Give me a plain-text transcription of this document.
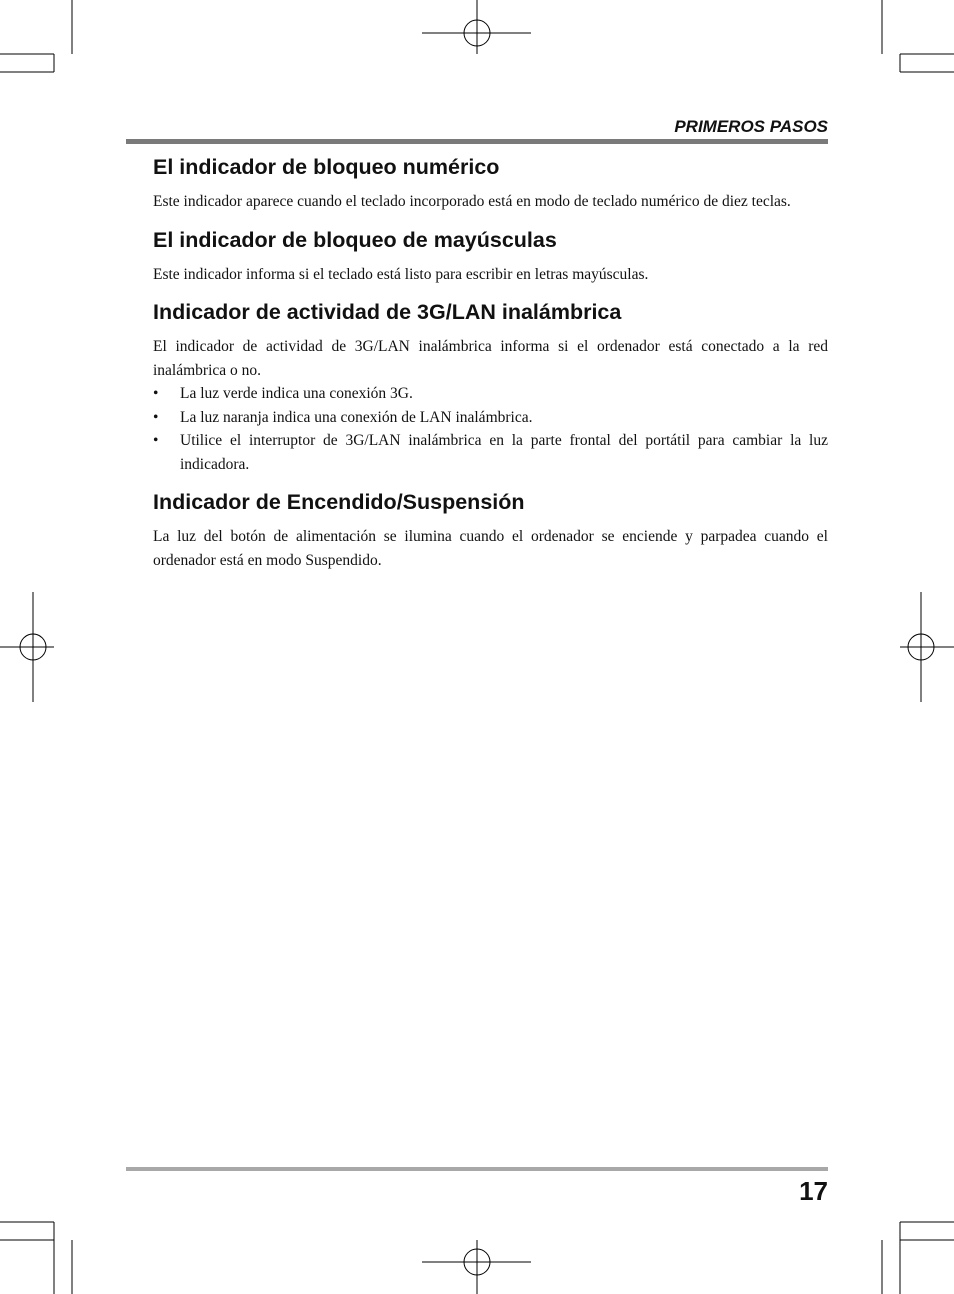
PRIMEROS PASOS
El indicador de bloqueo numérico

Este indicador aparece cuando el teclado incorporado está en modo de teclado numérico de diez teclas.

El indicador de bloqueo de mayúsculas

Este indicador informa si el teclado está listo para escribir en letras mayúsculas.

Indicador de actividad de 3G/LAN inalámbrica

El indicador de actividad de 3G/LAN inalámbrica informa si el ordenador está conectado a la red inalámbrica o no.

• La luz verde indica una conexión 3G.
• La luz naranja indica una conexión de LAN inalámbrica.
• Utilice el interruptor de 3G/LAN inalámbrica en la parte frontal del portátil para cambiar la luz indicadora.
Indicador de Encendido/Suspensión

La luz del botón de alimentación se ilumina cuando el ordenador se enciende y parpadea cuando el ordenador está en modo Suspendido.

17
